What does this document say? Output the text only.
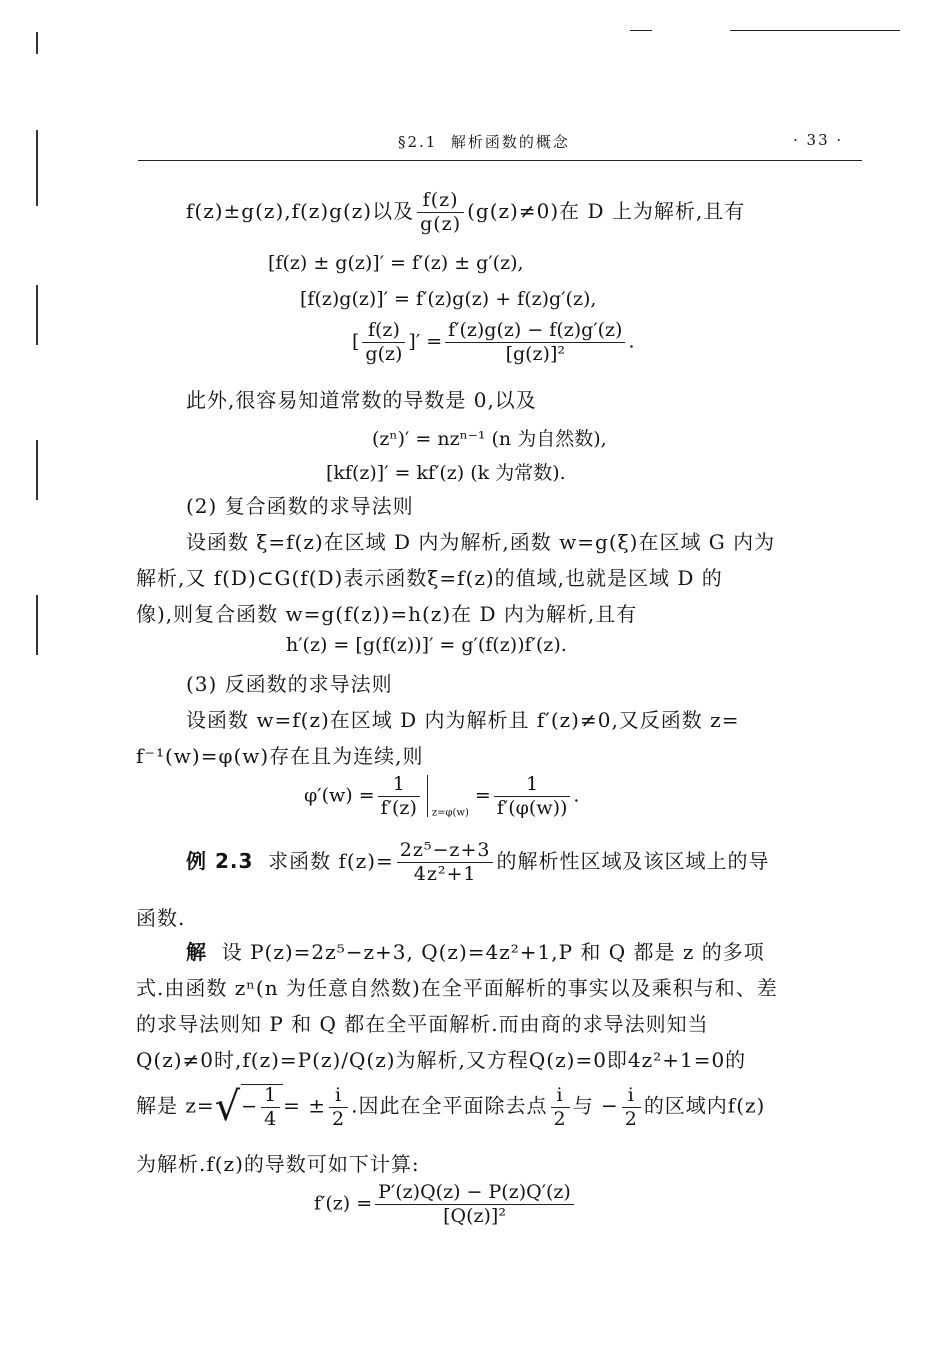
§2.1 解析函数的概念	· 33 ·
f(z)±g(z),f(z)g(z)以及 $\frac{f(z)}{g(z)} (g(z)\ne 0)$在 D 上为解析,且有
[f(z) ± g(z)]′ = f′(z) ± g′(z),
[f(z)g(z)]′ = f′(z)g(z) + f(z)g′(z),
[ $\frac{f(z)}{g(z)}$ ]′ = $\frac{f'(z)g(z) - f(z)g'(z)}{\text{[g(z)]²}}$ .
此外,很容易知道常数的导数是 0,以及
(zⁿ)′ = nzⁿ⁻¹ (n 为自然数),
[kf(z)]′ = kf′(z) (k 为常数).
(2) 复合函数的求导法则
设函数 ξ=f(z)在区域 D 内为解析,函数 w=g(ξ)在区域 G 内为
解析,又 f(D)⊂G(f(D)表示函数ξ=f(z)的值域,也就是区域 D 的
像),则复合函数 w=g(f(z))=h(z)在 D 内为解析,且有
h′(z) = [g(f(z))]′ = g′(f(z))f′(z).
(3) 反函数的求导法则
设函数 w=f(z)在区域 D 内为解析且 f′(z)≠0,又反函数 z=
f⁻¹(w)=φ(w)存在且为连续,则
$\varphi'(w) = \frac{1}{f'(z)} _{z=\varphi(w)} = \frac{1}{f'(\varphi(w))}$ .
例 2.3 求函数 $f(z)= \frac{\text{2z⁵−z+3}}{\text{4z²+1}}$ 的解析性区域及该区域上的导
函数.
解 设 P(z)=2z⁵−z+3, Q(z)=4z²+1,P 和 Q 都是 z 的多项
式.由函数 zⁿ(n 为任意自然数)在全平面解析的事实以及乘积与和、差
的求导法则知 P 和 Q 都在全平面解析.而由商的求导法则知当
Q(z)≠0时,f(z)=P(z)/Q(z)为解析,又方程Q(z)=0即4z²+1=0的
解是 $z=√- \frac{1}{4}$ = ± $\frac{i}{2}$ .因此在全平面除去点 $\frac{i}{2}$ 与 − $\frac{i}{2}$ 的区域内f(z)
为解析.f(z)的导数可如下计算:
$f'(z) = \frac{P'(z)Q(z) - P(z)Q'(z)}{\text{[Q(z)]²}}$
